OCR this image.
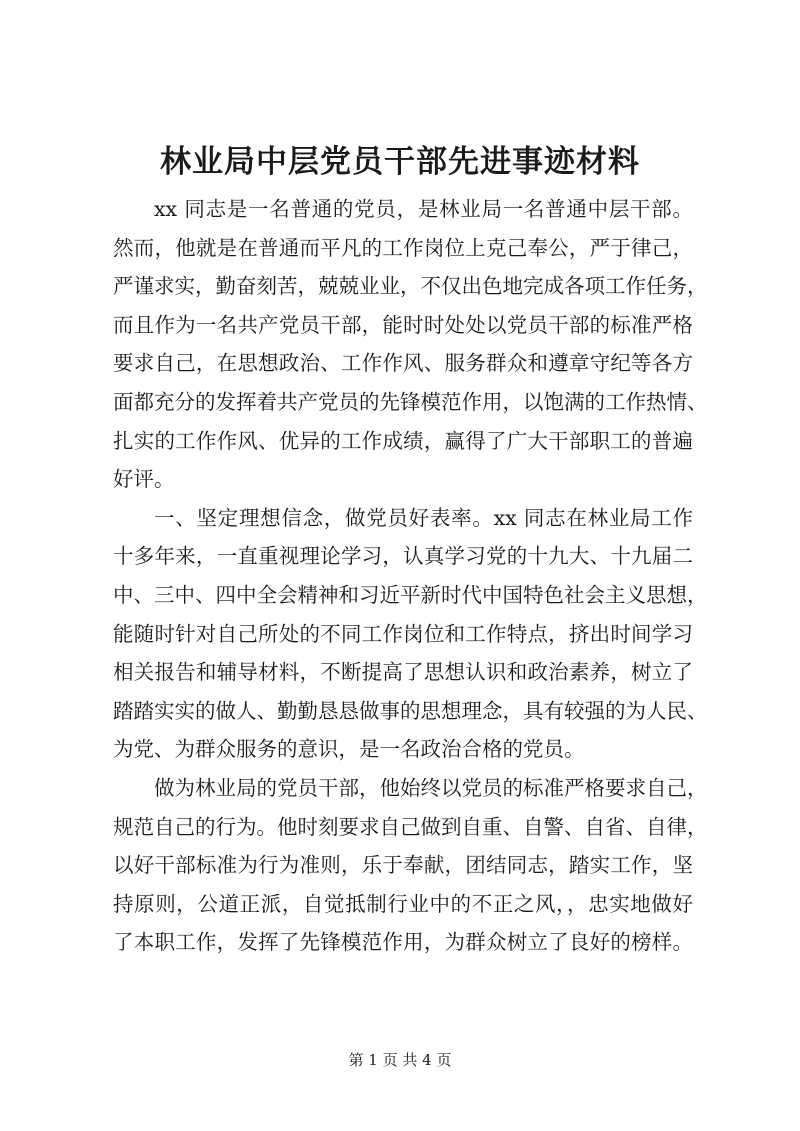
林业局中层党员干部先进事迹材料
xx 同志是一名普通的党员，是林业局一名普通中层干部。
然而，他就是在普通而平凡的工作岗位上克己奉公，严于律己，
严谨求实，勤奋刻苦，兢兢业业，不仅出色地完成各项工作任务，
而且作为一名共产党员干部，能时时处处以党员干部的标准严格
要求自己，在思想政治、工作作风、服务群众和遵章守纪等各方
面都充分的发挥着共产党员的先锋模范作用，以饱满的工作热情、
扎实的工作作风、优异的工作成绩，赢得了广大干部职工的普遍
好评。
一、坚定理想信念，做党员好表率。xx 同志在林业局工作
十多年来，一直重视理论学习，认真学习党的十九大、十九届二
中、三中、四中全会精神和习近平新时代中国特色社会主义思想，
能随时针对自己所处的不同工作岗位和工作特点，挤出时间学习
相关报告和辅导材料，不断提高了思想认识和政治素养，树立了
踏踏实实的做人、勤勤恳恳做事的思想理念，具有较强的为人民、
为党、为群众服务的意识，是一名政治合格的党员。
做为林业局的党员干部，他始终以党员的标准严格要求自己，
规范自己的行为。他时刻要求自己做到自重、自警、自省、自律，
以好干部标准为行为准则，乐于奉献，团结同志，踏实工作，坚
持原则，公道正派，自觉抵制行业中的不正之风，，忠实地做好
了本职工作，发挥了先锋模范作用，为群众树立了良好的榜样。
第 1 页 共 4 页
